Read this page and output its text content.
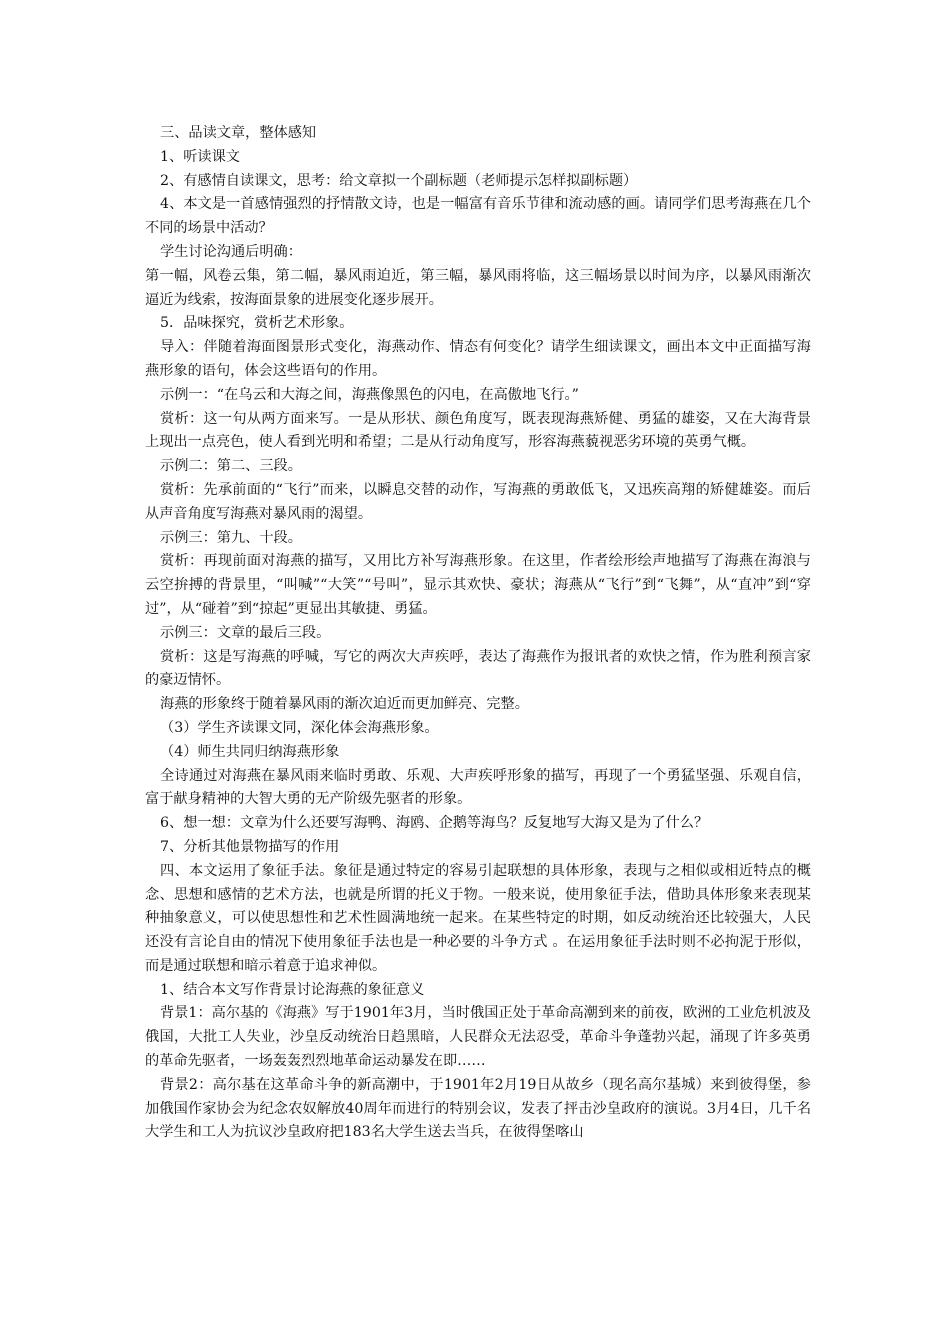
三、品读文章，整体感知

1、听读课文

2、有感情自读课文，思考：给文章拟一个副标题（老师提示怎样拟副标题）

4、本文是一首感情强烈的抒情散文诗，也是一幅富有音乐节律和流动感的画。请同学们思考海燕在几个不同的场景中活动？

学生讨论沟通后明确：

第一幅，风卷云集，第二幅，暴风雨迫近，第三幅，暴风雨将临，这三幅场景以时间为序，以暴风雨渐次逼近为线索，按海面景象的进展变化逐步展开。

5．品味探究，赏析艺术形象。

导入：伴随着海面图景形式变化，海燕动作、情态有何变化？请学生细读课文，画出本文中正面描写海燕形象的语句，体会这些语句的作用。

示例一：“在乌云和大海之间，海燕像黑色的闪电，在高傲地飞行。”

赏析：这一句从两方面来写。一是从形状、颜色角度写，既表现海燕矫健、勇猛的雄姿，又在大海背景上现出一点亮色，使人看到光明和希望；二是从行动角度写，形容海燕藐视恶劣环境的英勇气概。

示例二：第二、三段。

赏析：先承前面的“飞行”而来，以瞬息交替的动作，写海燕的勇敢低飞，又迅疾高翔的矫健雄姿。而后从声音角度写海燕对暴风雨的渴望。

示例三：第九、十段。

赏析：再现前面对海燕的描写，又用比方补写海燕形象。在这里，作者绘形绘声地描写了海燕在海浪与云空拚搏的背景里，“叫喊”“大笑”“号叫”，显示其欢快、豪状；海燕从“飞行”到“飞舞”，从“直冲”到“穿过”，从“碰着”到“掠起”更显出其敏捷、勇猛。

示例三：文章的最后三段。

赏析：这是写海燕的呼喊，写它的两次大声疾呼，表达了海燕作为报讯者的欢快之情，作为胜利预言家的豪迈情怀。

海燕的形象终于随着暴风雨的渐次迫近而更加鲜亮、完整。

（3）学生齐读课文同，深化体会海燕形象。

（4）师生共同归纳海燕形象

全诗通过对海燕在暴风雨来临时勇敢、乐观、大声疾呼形象的描写，再现了一个勇猛坚强、乐观自信，富于献身精神的大智大勇的无产阶级先驱者的形象。

6、想一想：文章为什么还要写海鸭、海鸥、企鹅等海鸟？反复地写大海又是为了什么？

7、分析其他景物描写的作用

四、本文运用了象征手法。象征是通过特定的容易引起联想的具体形象，表现与之相似或相近特点的概念、思想和感情的艺术方法，也就是所谓的托义于物。一般来说，使用象征手法，借助具体形象来表现某种抽象意义，可以使思想性和艺术性圆满地统一起来。在某些特定的时期，如反动统治还比较强大，人民还没有言论自由的情况下使用象征手法也是一种必要的斗争方式 。在运用象征手法时则不必拘泥于形似，而是通过联想和暗示着意于追求神似。

1、结合本文写作背景讨论海燕的象征意义

背景1：高尔基的《海燕》写于1901年3月，当时俄国正处于革命高潮到来的前夜，欧洲的工业危机波及俄国，大批工人失业，沙皇反动统治日趋黑暗，人民群众无法忍受，革命斗争蓬勃兴起，涌现了许多英勇的革命先驱者，一场轰轰烈烈地革命运动暴发在即……

背景2：高尔基在这革命斗争的新高潮中，于1901年2月19日从故乡（现名高尔基城）来到彼得堡，参加俄国作家协会为纪念农奴解放40周年而进行的特别会议，发表了抨击沙皇政府的演说。3月4日，几千名大学生和工人为抗议沙皇政府把183名大学生送去当兵，在彼得堡喀山
